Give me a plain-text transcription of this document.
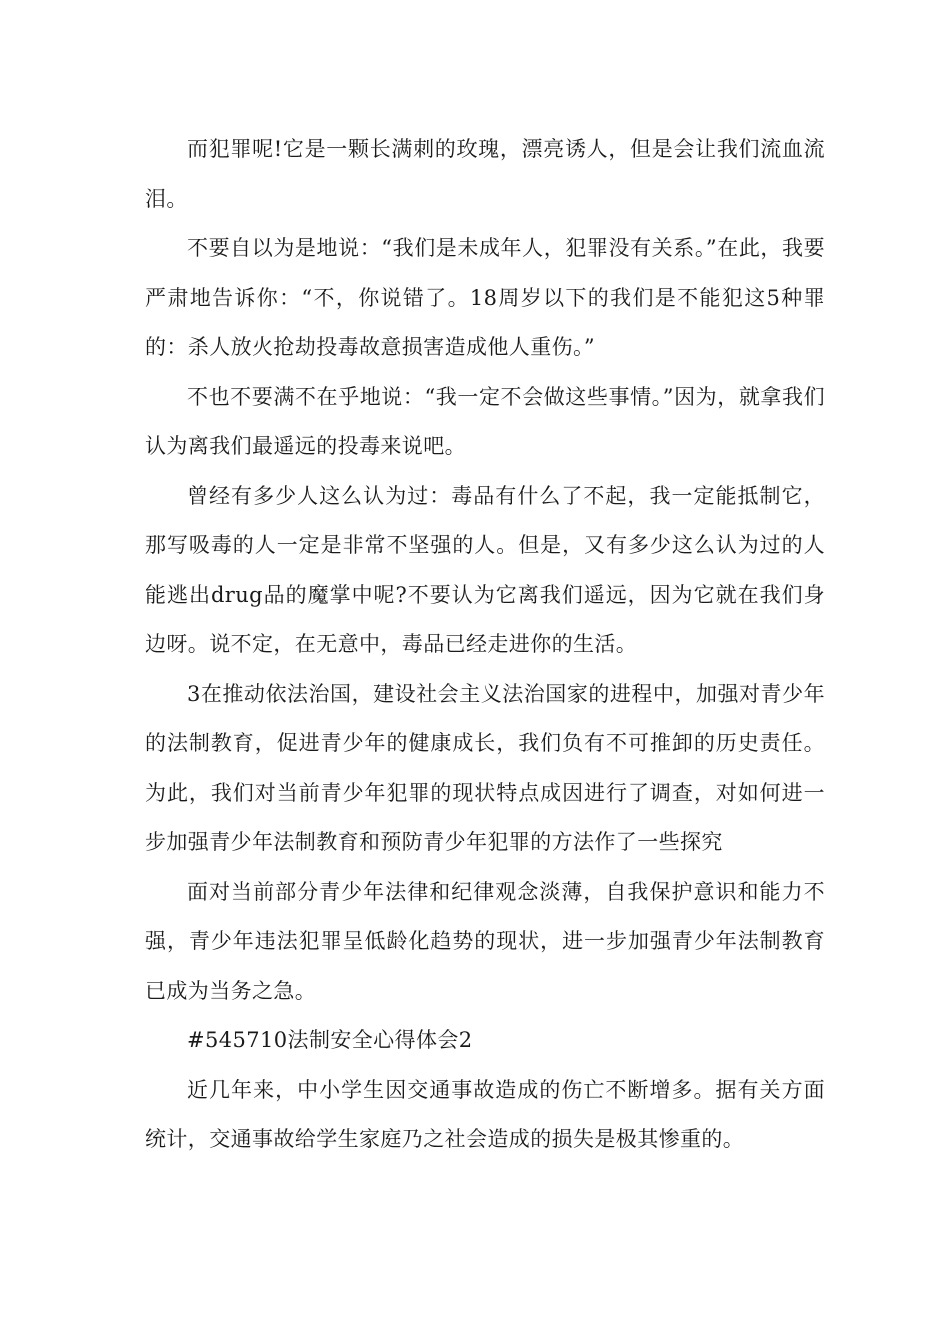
而犯罪呢!它是一颗长满刺的玫瑰，漂亮诱人，但是会让我们流血流泪。

不要自以为是地说：“我们是未成年人，犯罪没有关系。”在此，我要严肃地告诉你：“不，你说错了。18周岁以下的我们是不能犯这5种罪的：杀人放火抢劫投毒故意损害造成他人重伤。”

不也不要满不在乎地说：“我一定不会做这些事情。”因为，就拿我们认为离我们最遥远的投毒来说吧。

曾经有多少人这么认为过：毒品有什么了不起，我一定能抵制它，那写吸毒的人一定是非常不坚强的人。但是，又有多少这么认为过的人能逃出drug品的魔掌中呢?不要认为它离我们遥远，因为它就在我们身边呀。说不定，在无意中，毒品已经走进你的生活。

3在推动依法治国，建设社会主义法治国家的进程中，加强对青少年的法制教育，促进青少年的健康成长，我们负有不可推卸的历史责任。为此，我们对当前青少年犯罪的现状特点成因进行了调查，对如何进一步加强青少年法制教育和预防青少年犯罪的方法作了一些探究

面对当前部分青少年法律和纪律观念淡薄，自我保护意识和能力不强，青少年违法犯罪呈低龄化趋势的现状，进一步加强青少年法制教育已成为当务之急。

#545710法制安全心得体会2

近几年来，中小学生因交通事故造成的伤亡不断增多。据有关方面统计，交通事故给学生家庭乃之社会造成的损失是极其惨重的。
